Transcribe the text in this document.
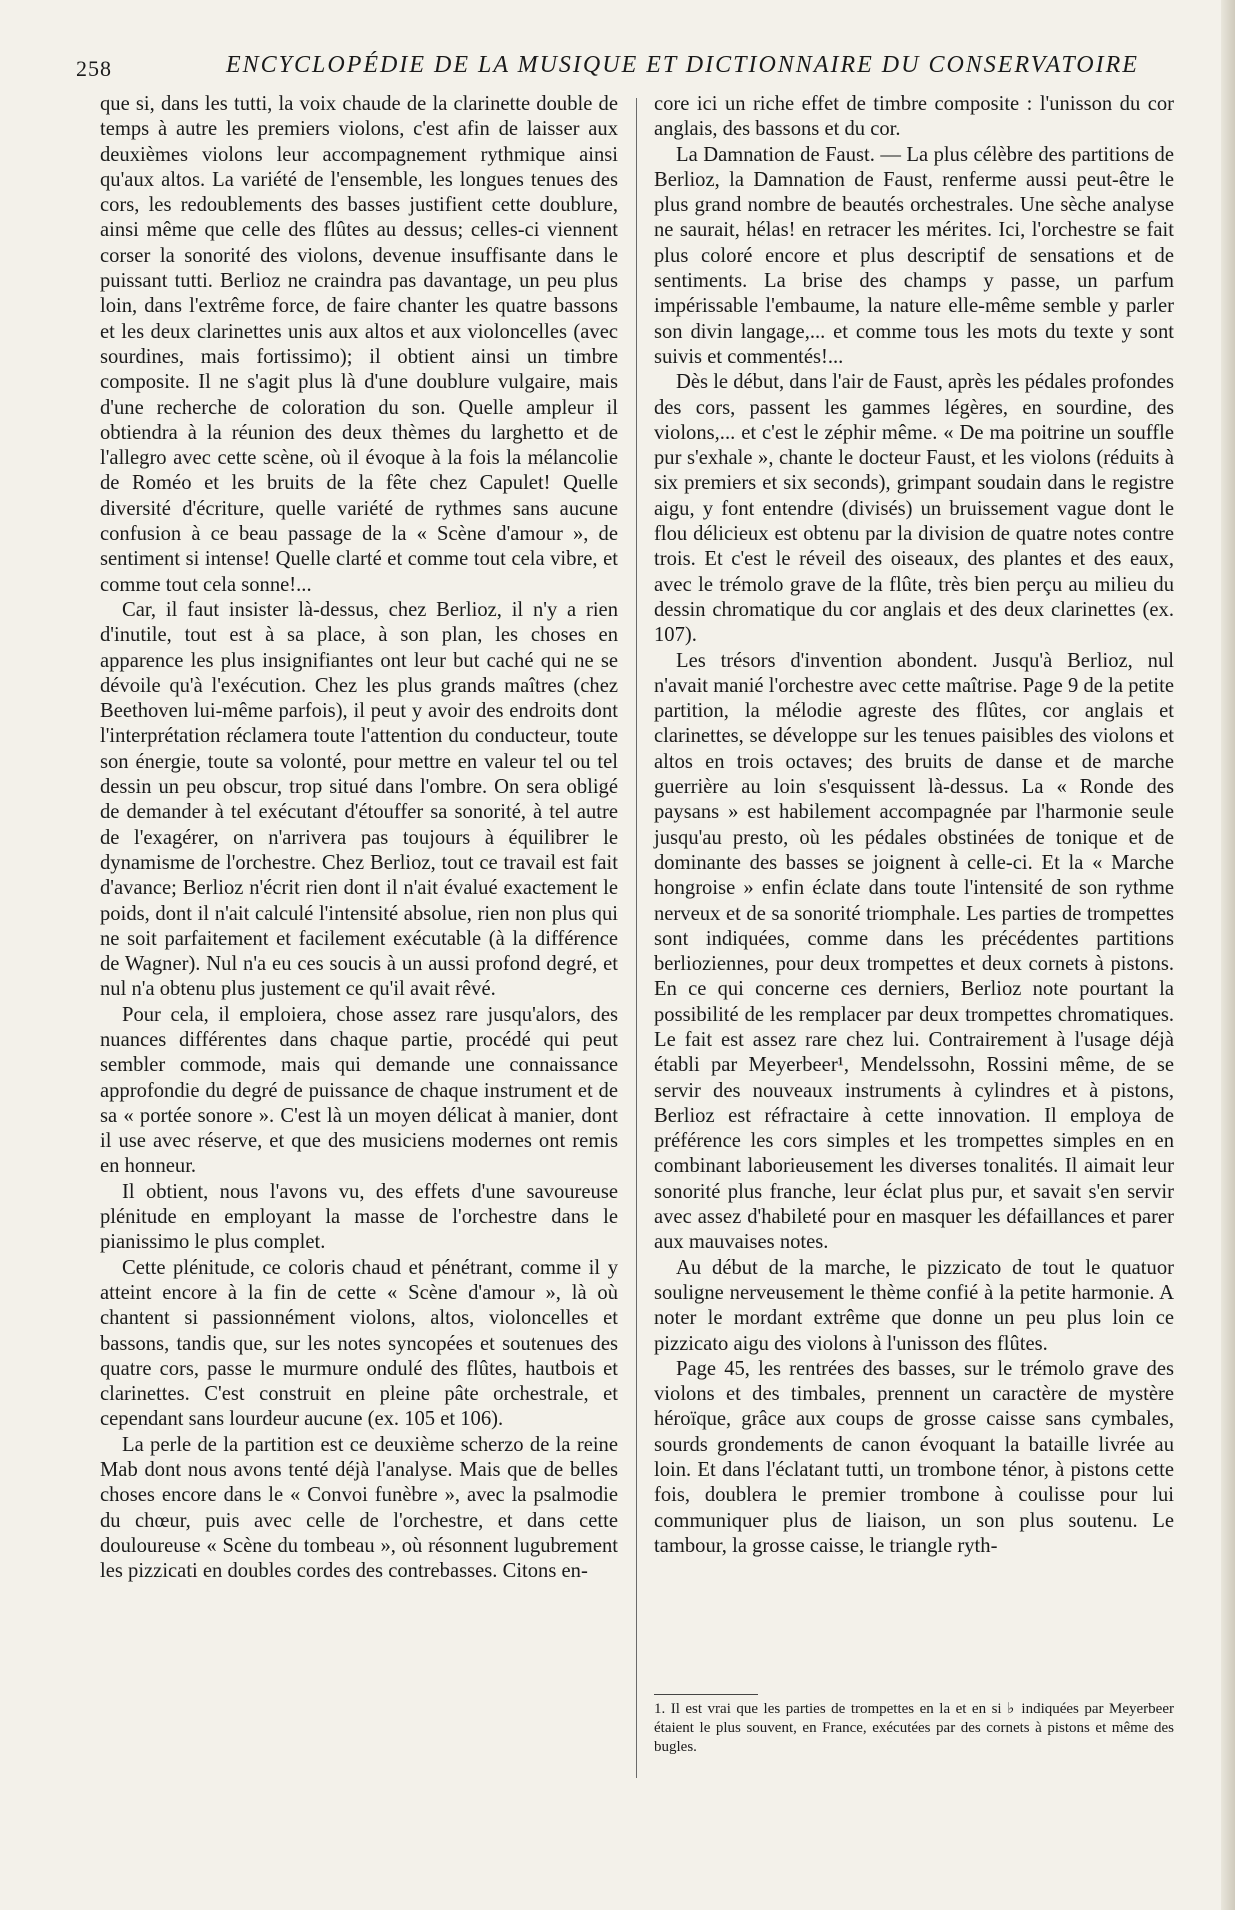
258	ENCYCLOPÉDIE DE LA MUSIQUE ET DICTIONNAIRE DU CONSERVATOIRE

que si, dans les tutti, la voix chaude de la clarinette double de temps à autre les premiers violons, c'est afin de laisser aux deuxièmes violons leur accompagnement rythmique ainsi qu'aux altos. La variété de l'ensemble, les longues tenues des cors, les redoublements des basses justifient cette doublure, ainsi même que celle des flûtes au dessus; celles-ci viennent corser la sonorité des violons, devenue insuffisante dans le puissant tutti. Berlioz ne craindra pas davantage, un peu plus loin, dans l'extrême force, de faire chanter les quatre bassons et les deux clarinettes unis aux altos et aux violoncelles (avec sourdines, mais fortissimo); il obtient ainsi un timbre composite. Il ne s'agit plus là d'une doublure vulgaire, mais d'une recherche de coloration du son. Quelle ampleur il obtiendra à la réunion des deux thèmes du larghetto et de l'allegro avec cette scène, où il évoque à la fois la mélancolie de Roméo et les bruits de la fête chez Capulet! Quelle diversité d'écriture, quelle variété de rythmes sans aucune confusion à ce beau passage de la « Scène d'amour », de sentiment si intense! Quelle clarté et comme tout cela vibre, et comme tout cela sonne!...

Car, il faut insister là-dessus, chez Berlioz, il n'y a rien d'inutile, tout est à sa place, à son plan, les choses en apparence les plus insignifiantes ont leur but caché qui ne se dévoile qu'à l'exécution. Chez les plus grands maîtres (chez Beethoven lui-même parfois), il peut y avoir des endroits dont l'interprétation réclamera toute l'attention du conducteur, toute son énergie, toute sa volonté, pour mettre en valeur tel ou tel dessin un peu obscur, trop situé dans l'ombre. On sera obligé de demander à tel exécutant d'étouffer sa sonorité, à tel autre de l'exagérer, on n'arrivera pas toujours à équilibrer le dynamisme de l'orchestre. Chez Berlioz, tout ce travail est fait d'avance; Berlioz n'écrit rien dont il n'ait évalué exactement le poids, dont il n'ait calculé l'intensité absolue, rien non plus qui ne soit parfaitement et facilement exécutable (à la différence de Wagner). Nul n'a eu ces soucis à un aussi profond degré, et nul n'a obtenu plus justement ce qu'il avait rêvé.

Pour cela, il emploiera, chose assez rare jusqu'alors, des nuances différentes dans chaque partie, procédé qui peut sembler commode, mais qui demande une connaissance approfondie du degré de puissance de chaque instrument et de sa « portée sonore ». C'est là un moyen délicat à manier, dont il use avec réserve, et que des musiciens modernes ont remis en honneur.

Il obtient, nous l'avons vu, des effets d'une savoureuse plénitude en employant la masse de l'orchestre dans le pianissimo le plus complet.

Cette plénitude, ce coloris chaud et pénétrant, comme il y atteint encore à la fin de cette « Scène d'amour », là où chantent si passionnément violons, altos, violoncelles et bassons, tandis que, sur les notes syncopées et soutenues des quatre cors, passe le murmure ondulé des flûtes, hautbois et clarinettes. C'est construit en pleine pâte orchestrale, et cependant sans lourdeur aucune (ex. 105 et 106).

La perle de la partition est ce deuxième scherzo de la reine Mab dont nous avons tenté déjà l'analyse. Mais que de belles choses encore dans le « Convoi funèbre », avec la psalmodie du chœur, puis avec celle de l'orchestre, et dans cette douloureuse « Scène du tombeau », où résonnent lugubrement les pizzicati en doubles cordes des contrebasses. Citons en-

core ici un riche effet de timbre composite : l'unisson du cor anglais, des bassons et du cor.

La Damnation de Faust. — La plus célèbre des partitions de Berlioz, la Damnation de Faust, renferme aussi peut-être le plus grand nombre de beautés orchestrales. Une sèche analyse ne saurait, hélas! en retracer les mérites. Ici, l'orchestre se fait plus coloré encore et plus descriptif de sensations et de sentiments. La brise des champs y passe, un parfum impérissable l'embaume, la nature elle-même semble y parler son divin langage,... et comme tous les mots du texte y sont suivis et commentés!...

Dès le début, dans l'air de Faust, après les pédales profondes des cors, passent les gammes légères, en sourdine, des violons,... et c'est le zéphir même. « De ma poitrine un souffle pur s'exhale », chante le docteur Faust, et les violons (réduits à six premiers et six seconds), grimpant soudain dans le registre aigu, y font entendre (divisés) un bruissement vague dont le flou délicieux est obtenu par la division de quatre notes contre trois. Et c'est le réveil des oiseaux, des plantes et des eaux, avec le trémolo grave de la flûte, très bien perçu au milieu du dessin chromatique du cor anglais et des deux clarinettes (ex. 107).

Les trésors d'invention abondent. Jusqu'à Berlioz, nul n'avait manié l'orchestre avec cette maîtrise. Page 9 de la petite partition, la mélodie agreste des flûtes, cor anglais et clarinettes, se développe sur les tenues paisibles des violons et altos en trois octaves; des bruits de danse et de marche guerrière au loin s'esquissent là-dessus. La « Ronde des paysans » est habilement accompagnée par l'harmonie seule jusqu'au presto, où les pédales obstinées de tonique et de dominante des basses se joignent à celle-ci. Et la « Marche hongroise » enfin éclate dans toute l'intensité de son rythme nerveux et de sa sonorité triomphale. Les parties de trompettes sont indiquées, comme dans les précédentes partitions berlioziennes, pour deux trompettes et deux cornets à pistons. En ce qui concerne ces derniers, Berlioz note pourtant la possibilité de les remplacer par deux trompettes chromatiques. Le fait est assez rare chez lui. Contrairement à l'usage déjà établi par Meyerbeer¹, Mendelssohn, Rossini même, de se servir des nouveaux instruments à cylindres et à pistons, Berlioz est réfractaire à cette innovation. Il employa de préférence les cors simples et les trompettes simples en en combinant laborieusement les diverses tonalités. Il aimait leur sonorité plus franche, leur éclat plus pur, et savait s'en servir avec assez d'habileté pour en masquer les défaillances et parer aux mauvaises notes.

Au début de la marche, le pizzicato de tout le quatuor souligne nerveusement le thème confié à la petite harmonie. A noter le mordant extrême que donne un peu plus loin ce pizzicato aigu des violons à l'unisson des flûtes.

Page 45, les rentrées des basses, sur le trémolo grave des violons et des timbales, prennent un caractère de mystère héroïque, grâce aux coups de grosse caisse sans cymbales, sourds grondements de canon évoquant la bataille livrée au loin. Et dans l'éclatant tutti, un trombone ténor, à pistons cette fois, doublera le premier trombone à coulisse pour lui communiquer plus de liaison, un son plus soutenu. Le tambour, la grosse caisse, le triangle ryth-

1. Il est vrai que les parties de trompettes en la et en si ♭ indiquées par Meyerbeer étaient le plus souvent, en France, exécutées par des cornets à pistons et même des bugles.
